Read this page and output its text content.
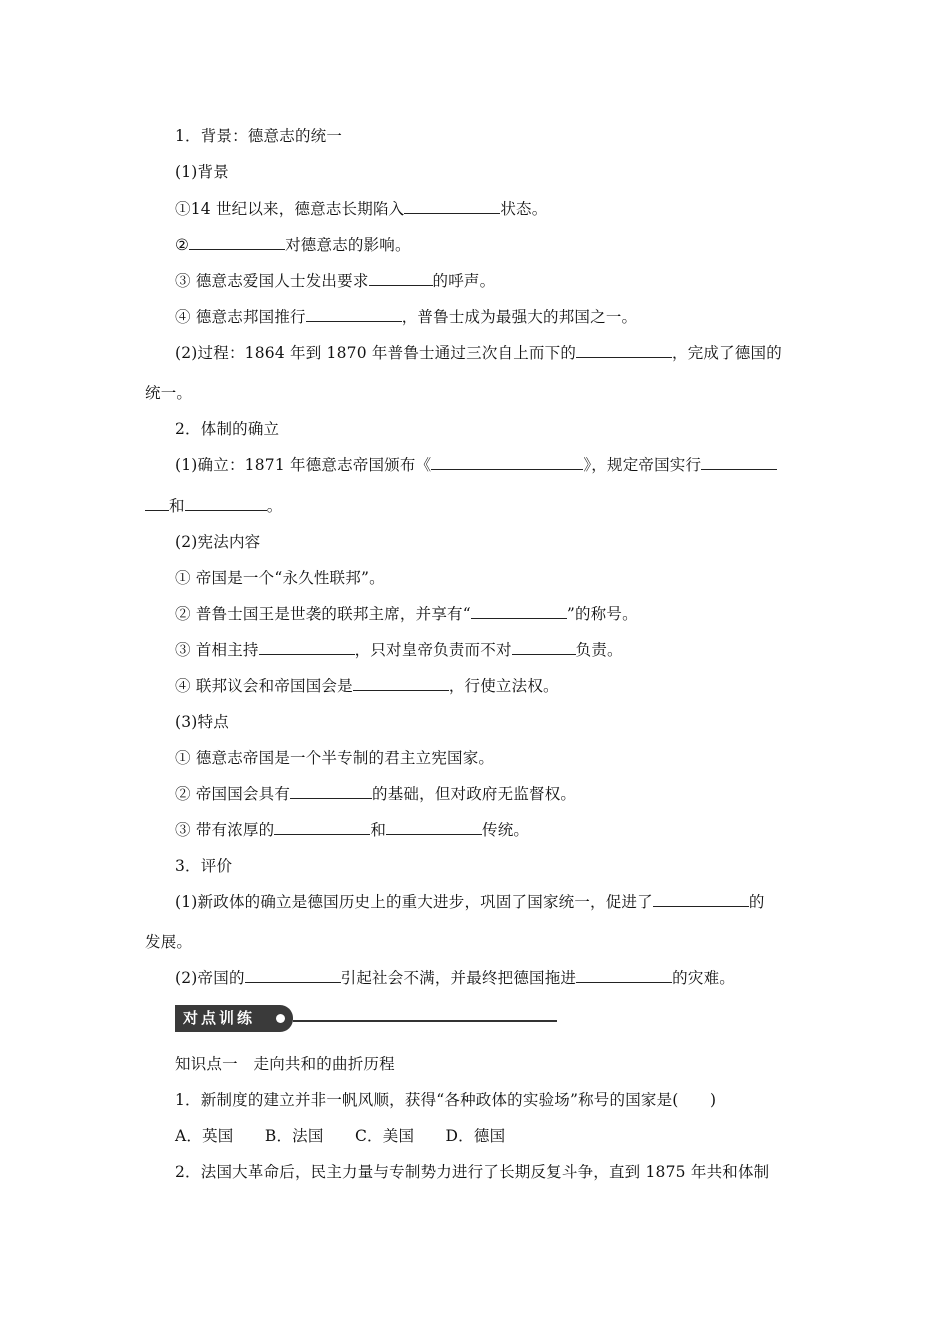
1．背景：德意志的统一
(1)背景
①14 世纪以来，德意志长期陷入	状态。
②	对德意志的影响。
③ 德意志爱国人士发出要求	的呼声。
④ 德意志邦国推行	，普鲁士成为最强大的邦国之一。
(2)过程：1864 年到 1870 年普鲁士通过三次自上而下的	，完成了德国的
统一。
2．体制的确立
(1)确立：1871 年德意志帝国颁布《	》，规定帝国实行
和	。
(2)宪法内容
① 帝国是一个“永久性联邦”。
② 普鲁士国王是世袭的联邦主席，并享有“	”的称号。
③ 首相主持	，只对皇帝负责而不对	负责。
④ 联邦议会和帝国国会是	，行使立法权。
(3)特点
① 德意志帝国是一个半专制的君主立宪国家。
② 帝国国会具有	的基础，但对政府无监督权。
③ 带有浓厚的	和	传统。
3．评价
(1)新政体的确立是德国历史上的重大进步，巩固了国家统一，促进了	的
发展。
(2)帝国的	引起社会不满，并最终把德国拖进	的灾难。
对点训练
知识点一　走向共和的曲折历程
1．新制度的建立并非一帆风顺，获得“各种政体的实验场”称号的国家是(　　)
A．英国　　B．法国　　C．美国　　D．德国
2．法国大革命后，民主力量与专制势力进行了长期反复斗争，直到 1875 年共和体制
